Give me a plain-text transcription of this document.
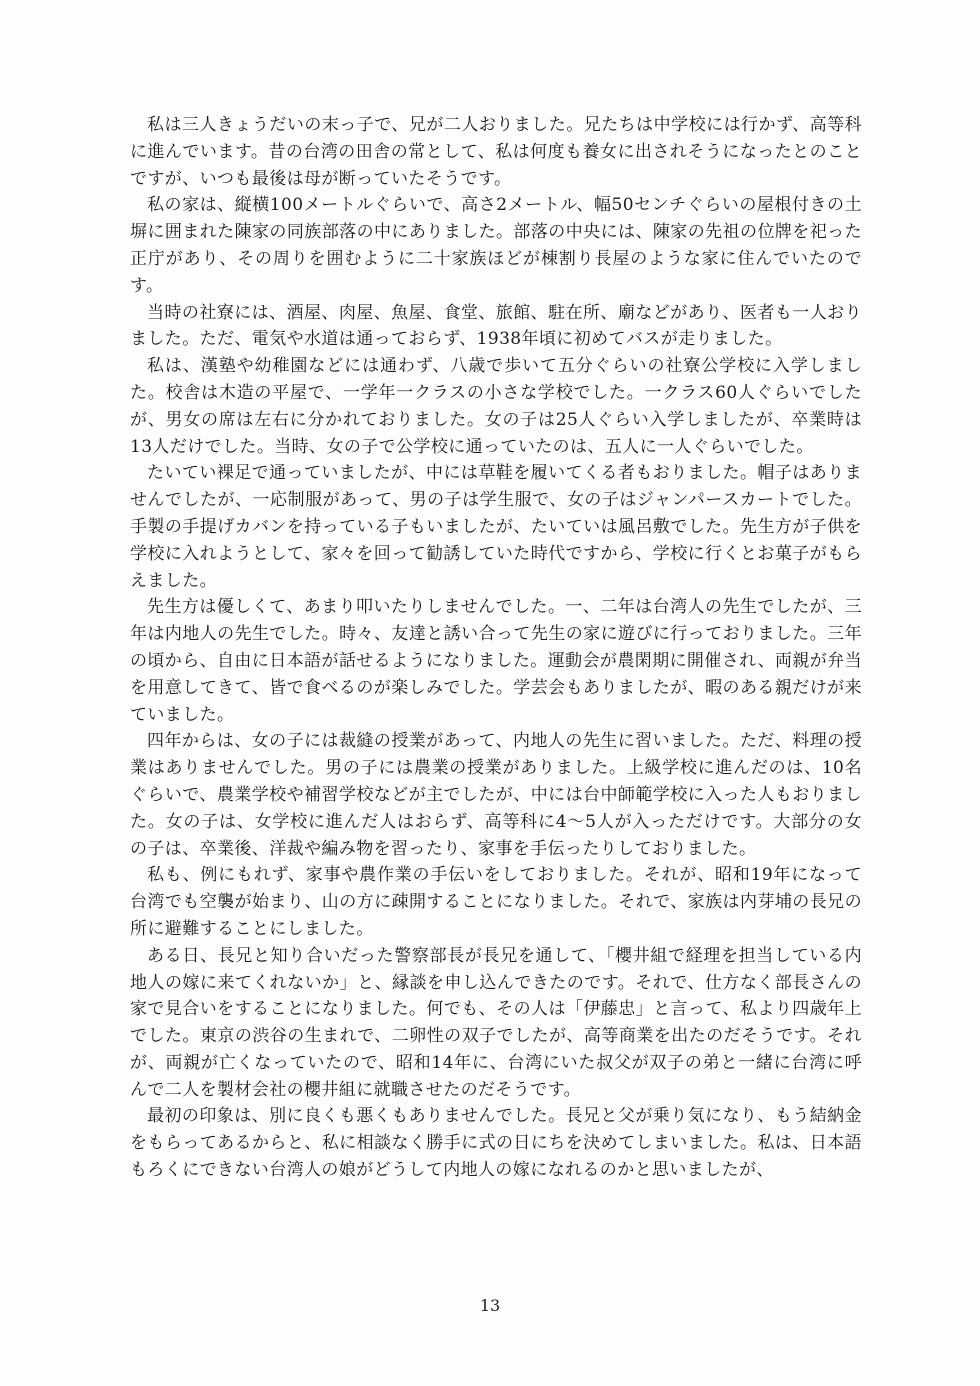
私は三人きょうだいの末っ子で、兄が二人おりました。兄たちは中学校には行かず、高等科に進んでいます。昔の台湾の田舎の常として、私は何度も養女に出されそうになったとのことですが、いつも最後は母が断っていたそうです。

私の家は、縦横100メートルぐらいで、高さ2メートル、幅50センチぐらいの屋根付きの土塀に囲まれた陳家の同族部落の中にありました。部落の中央には、陳家の先祖の位牌を祀った正庁があり、その周りを囲むように二十家族ほどが棟割り長屋のような家に住んでいたのです。

当時の社寮には、酒屋、肉屋、魚屋、食堂、旅館、駐在所、廟などがあり、医者も一人おりました。ただ、電気や水道は通っておらず、1938年頃に初めてバスが走りました。

私は、漢塾や幼稚園などには通わず、八歳で歩いて五分ぐらいの社寮公学校に入学しました。校舎は木造の平屋で、一学年一クラスの小さな学校でした。一クラス60人ぐらいでしたが、男女の席は左右に分かれておりました。女の子は25人ぐらい入学しましたが、卒業時は13人だけでした。当時、女の子で公学校に通っていたのは、五人に一人ぐらいでした。

たいてい裸足で通っていましたが、中には草鞋を履いてくる者もおりました。帽子はありませんでしたが、一応制服があって、男の子は学生服で、女の子はジャンパースカートでした。手製の手提げカバンを持っている子もいましたが、たいていは風呂敷でした。先生方が子供を学校に入れようとして、家々を回って勧誘していた時代ですから、学校に行くとお菓子がもらえました。

先生方は優しくて、あまり叩いたりしませんでした。一、二年は台湾人の先生でしたが、三年は内地人の先生でした。時々、友達と誘い合って先生の家に遊びに行っておりました。三年の頃から、自由に日本語が話せるようになりました。運動会が農閑期に開催され、両親が弁当を用意してきて、皆で食べるのが楽しみでした。学芸会もありましたが、暇のある親だけが来ていました。

四年からは、女の子には裁縫の授業があって、内地人の先生に習いました。ただ、料理の授業はありませんでした。男の子には農業の授業がありました。上級学校に進んだのは、10名ぐらいで、農業学校や補習学校などが主でしたが、中には台中師範学校に入った人もおりました。女の子は、女学校に進んだ人はおらず、高等科に4〜5人が入っただけです。大部分の女の子は、卒業後、洋裁や編み物を習ったり、家事を手伝ったりしておりました。

私も、例にもれず、家事や農作業の手伝いをしておりました。それが、昭和19年になって台湾でも空襲が始まり、山の方に疎開することになりました。それで、家族は内芽埔の長兄の所に避難することにしました。

ある日、長兄と知り合いだった警察部長が長兄を通して、「櫻井組で経理を担当している内地人の嫁に来てくれないか」と、縁談を申し込んできたのです。それで、仕方なく部長さんの家で見合いをすることになりました。何でも、その人は「伊藤忠」と言って、私より四歳年上でした。東京の渋谷の生まれで、二卵性の双子でしたが、高等商業を出たのだそうです。それが、両親が亡くなっていたので、昭和14年に、台湾にいた叔父が双子の弟と一緒に台湾に呼んで二人を製材会社の櫻井組に就職させたのだそうです。

最初の印象は、別に良くも悪くもありませんでした。長兄と父が乗り気になり、もう結納金をもらってあるからと、私に相談なく勝手に式の日にちを決めてしまいました。私は、日本語もろくにできない台湾人の娘がどうして内地人の嫁になれるのかと思いましたが、

13
